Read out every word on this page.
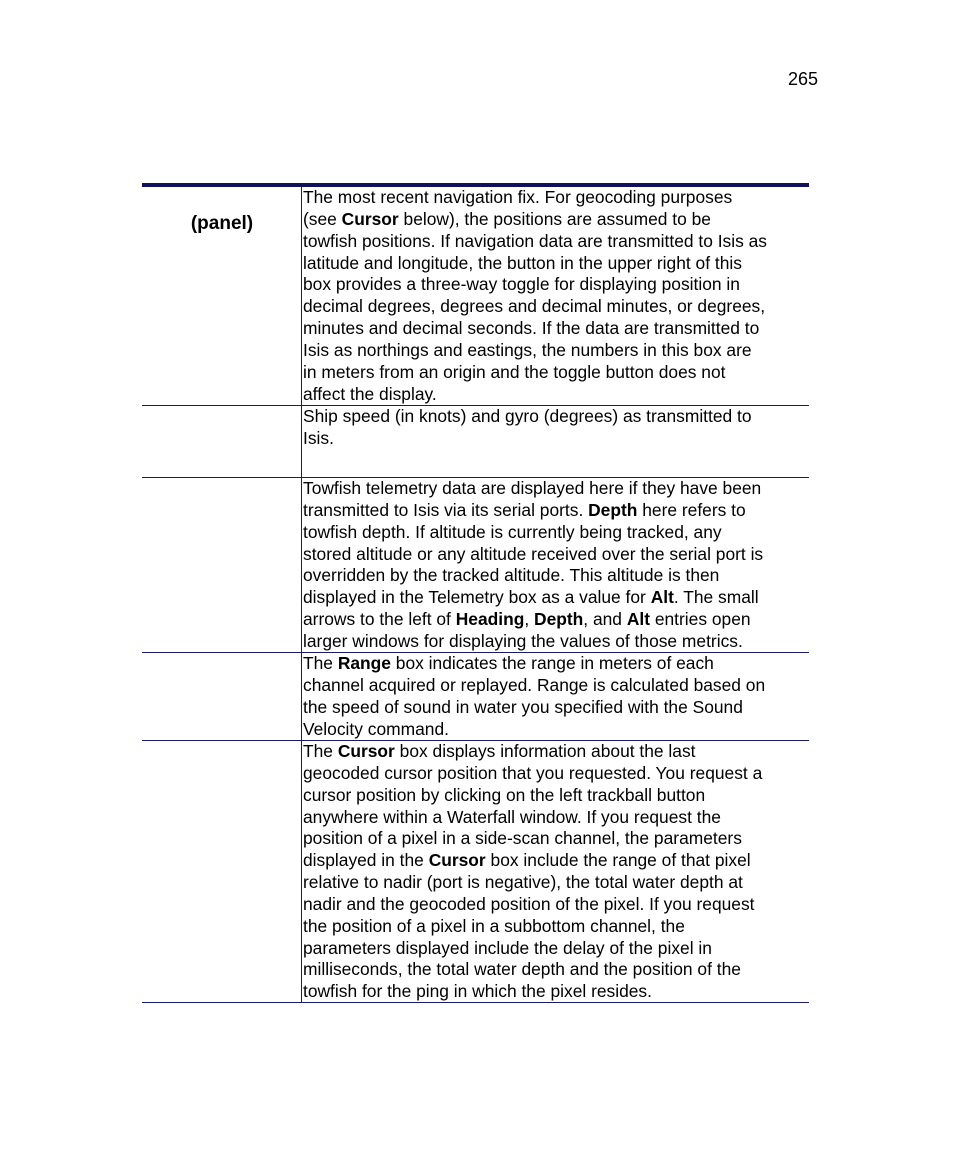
265
(panel)
The most recent navigation fix. For geocoding purposes
(see Cursor below), the positions are assumed to be
towfish positions. If navigation data are transmitted to Isis as
latitude and longitude, the button in the upper right of this
box provides a three-way toggle for displaying position in
decimal degrees, degrees and decimal minutes, or degrees,
minutes and decimal seconds. If the data are transmitted to
Isis as northings and eastings, the numbers in this box are
in meters from an origin and the toggle button does not
affect the display.
Ship speed (in knots) and gyro (degrees) as transmitted to
Isis.
Towfish telemetry data are displayed here if they have been
transmitted to Isis via its serial ports. Depth here refers to
towfish depth. If altitude is currently being tracked, any
stored altitude or any altitude received over the serial port is
overridden by the tracked altitude. This altitude is then
displayed in the Telemetry box as a value for Alt. The small
arrows to the left of Heading, Depth, and Alt entries open
larger windows for displaying the values of those metrics.
The Range box indicates the range in meters of each
channel acquired or replayed. Range is calculated based on
the speed of sound in water you specified with the Sound
Velocity command.
The Cursor box displays information about the last
geocoded cursor position that you requested. You request a
cursor position by clicking on the left trackball button
anywhere within a Waterfall window. If you request the
position of a pixel in a side-scan channel, the parameters
displayed in the Cursor box include the range of that pixel
relative to nadir (port is negative), the total water depth at
nadir and the geocoded position of the pixel. If you request
the position of a pixel in a subbottom channel, the
parameters displayed include the delay of the pixel in
milliseconds, the total water depth and the position of the
towfish for the ping in which the pixel resides.
